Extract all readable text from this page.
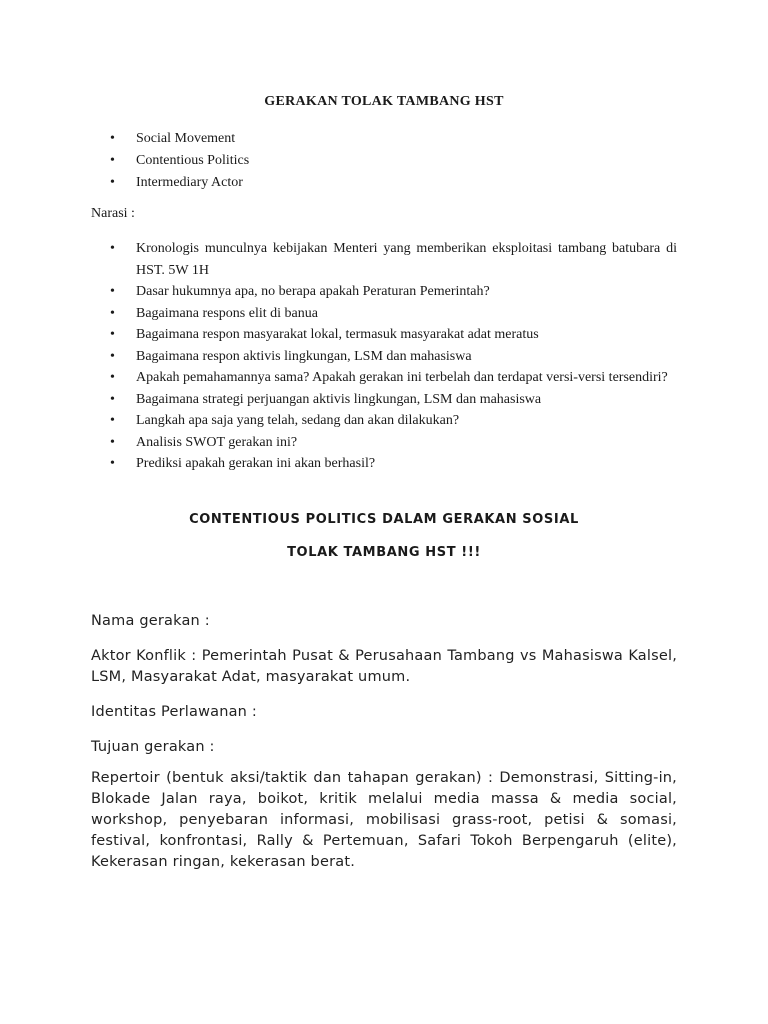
GERAKAN TOLAK TAMBANG HST
• Social Movement
• Contentious Politics
• Intermediary Actor
Narasi :
• Kronologis munculnya kebijakan Menteri yang memberikan eksploitasi tambang batubara di HST. 5W 1H
• Dasar hukumnya apa, no berapa apakah Peraturan Pemerintah?
• Bagaimana respons elit di banua
• Bagaimana respon masyarakat lokal, termasuk masyarakat adat meratus
• Bagaimana respon aktivis lingkungan, LSM dan mahasiswa
• Apakah pemahamannya sama? Apakah gerakan ini terbelah dan terdapat versi-versi tersendiri?
• Bagaimana strategi perjuangan aktivis lingkungan, LSM dan mahasiswa
• Langkah apa saja yang telah, sedang dan akan dilakukan?
• Analisis SWOT gerakan ini?
• Prediksi apakah gerakan ini akan berhasil?
CONTENTIOUS POLITICS DALAM GERAKAN SOSIAL
TOLAK TAMBANG HST !!!
Nama gerakan :
Aktor Konflik : Pemerintah Pusat & Perusahaan Tambang vs Mahasiswa Kalsel, LSM, Masyarakat Adat, masyarakat umum.
Identitas Perlawanan :
Tujuan gerakan :
Repertoir (bentuk aksi/taktik dan tahapan gerakan) : Demonstrasi, Sitting-in, Blokade Jalan raya, boikot, kritik melalui media massa & media social, workshop, penyebaran informasi, mobilisasi grass-root, petisi & somasi, festival, konfrontasi, Rally & Pertemuan, Safari Tokoh Berpengaruh (elite), Kekerasan ringan, kekerasan berat.
